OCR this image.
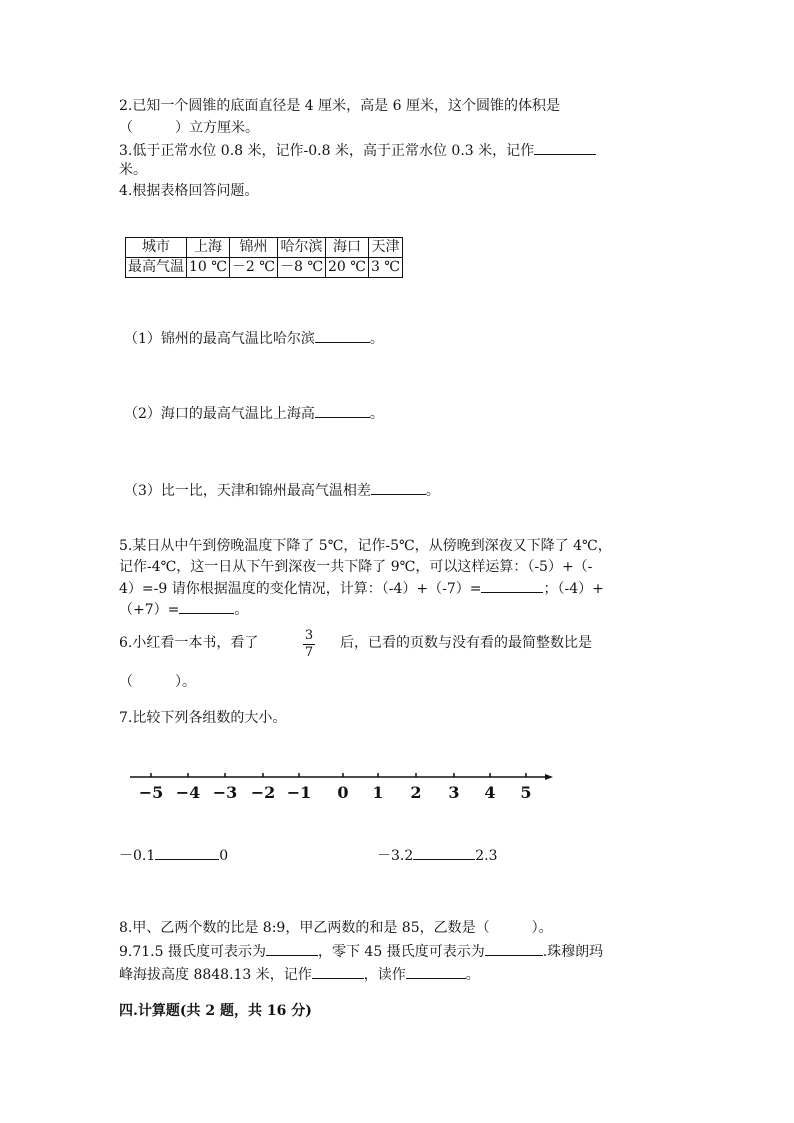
2.已知一个圆锥的底面直径是 4 厘米，高是 6 厘米，这个圆锥的体积是
（　　　）立方厘米。
3.低于正常水位 0.8 米，记作-0.8 米，高于正常水位 0.3 米，记作
米。
4.根据表格回答问题。
城市	上海	锦州	哈尔滨	海口	天津
最高气温	10 ℃	－2 ℃	－8 ℃	20 ℃	3 ℃
（1）锦州的最高气温比哈尔滨	。
（2）海口的最高气温比上海高	。
（3）比一比，天津和锦州最高气温相差	。
5.某日从中午到傍晚温度下降了 5℃，记作-5℃，从傍晚到深夜又下降了 4℃，
记作-4℃，这一日从下午到深夜一共下降了 9℃，可以这样运算：（-5）+（-
4）=-9 请你根据温度的变化情况，计算：（-4）+（-7）=	；（-4）+
（+7）=	。
6.小红看一本书，看了	3
7
后，已看的页数与没有看的最简整数比是
（　　　）。
7.比较下列各组数的大小。
−5 −4 −3 −2 −1 0 1 2 3 4 5
－0.1	0	－3.2	2.3
8.甲、乙两个数的比是 8:9，甲乙两数的和是 85，乙数是（　　　）。
9.71.5 摄氏度可表示为	，零下 45 摄氏度可表示为	.珠穆朗玛
峰海拔高度 8848.13 米，记作	，读作	。
四.计算题(共 2 题，共 16 分)
